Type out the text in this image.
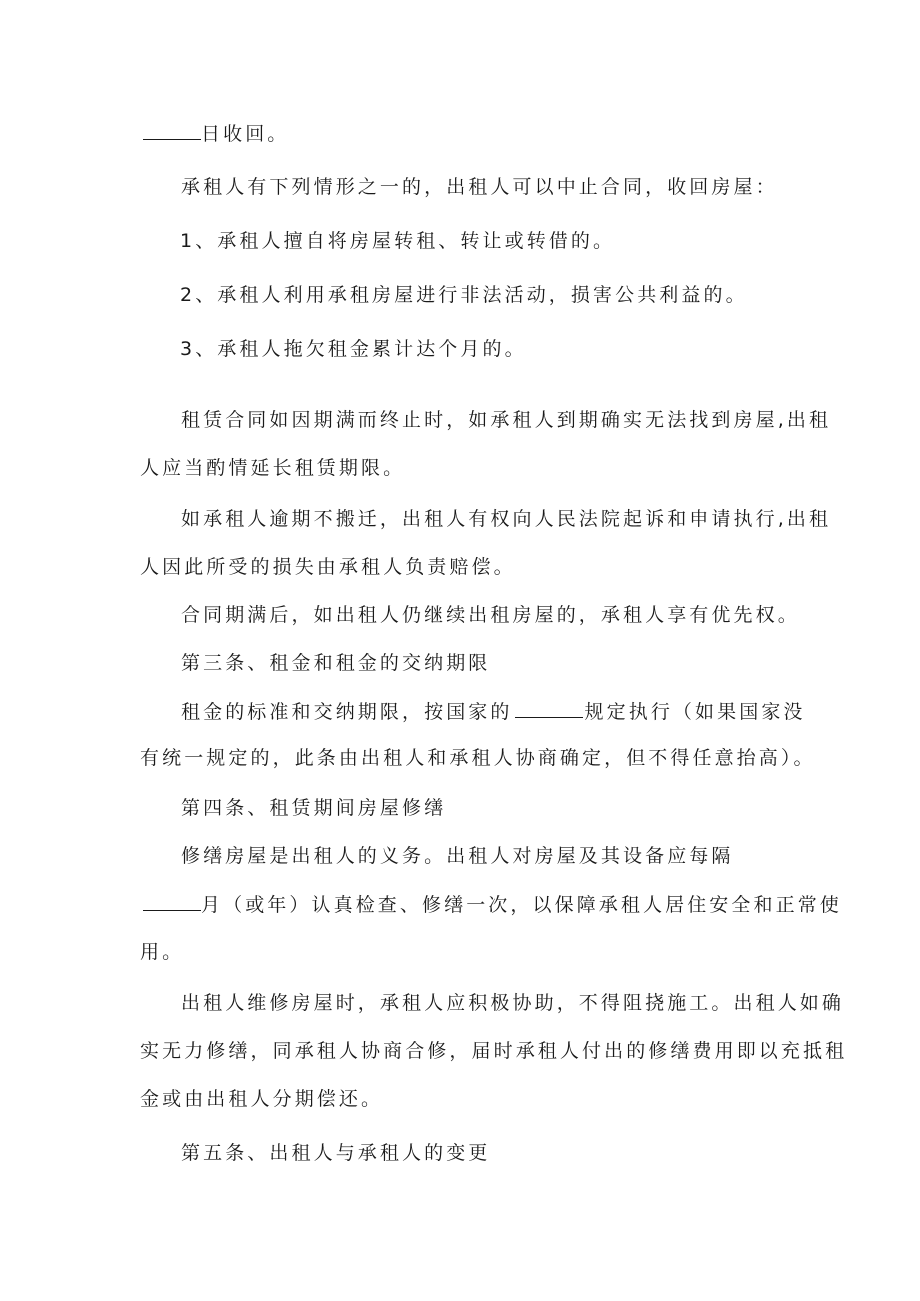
日收回。
承租人有下列情形之一的，出租人可以中止合同，收回房屋：
1、承租人擅自将房屋转租、转让或转借的。
2、承租人利用承租房屋进行非法活动，损害公共利益的。
3、承租人拖欠租金累计达个月的。
租赁合同如因期满而终止时，如承租人到期确实无法找到房屋,出租
人应当酌情延长租赁期限。
如承租人逾期不搬迁，出租人有权向人民法院起诉和申请执行,出租
人因此所受的损失由承租人负责赔偿。
合同期满后，如出租人仍继续出租房屋的，承租人享有优先权。
第三条、租金和租金的交纳期限
租金的标准和交纳期限，按国家的	规定执行（如果国家没
有统一规定的，此条由出租人和承租人协商确定，但不得任意抬高）。
第四条、租赁期间房屋修缮
修缮房屋是出租人的义务。出租人对房屋及其设备应每隔
月（或年）认真检查、修缮一次，以保障承租人居住安全和正常使
用。
出租人维修房屋时，承租人应积极协助，不得阻挠施工。出租人如确
实无力修缮，同承租人协商合修，届时承租人付出的修缮费用即以充抵租
金或由出租人分期偿还。
第五条、出租人与承租人的变更
